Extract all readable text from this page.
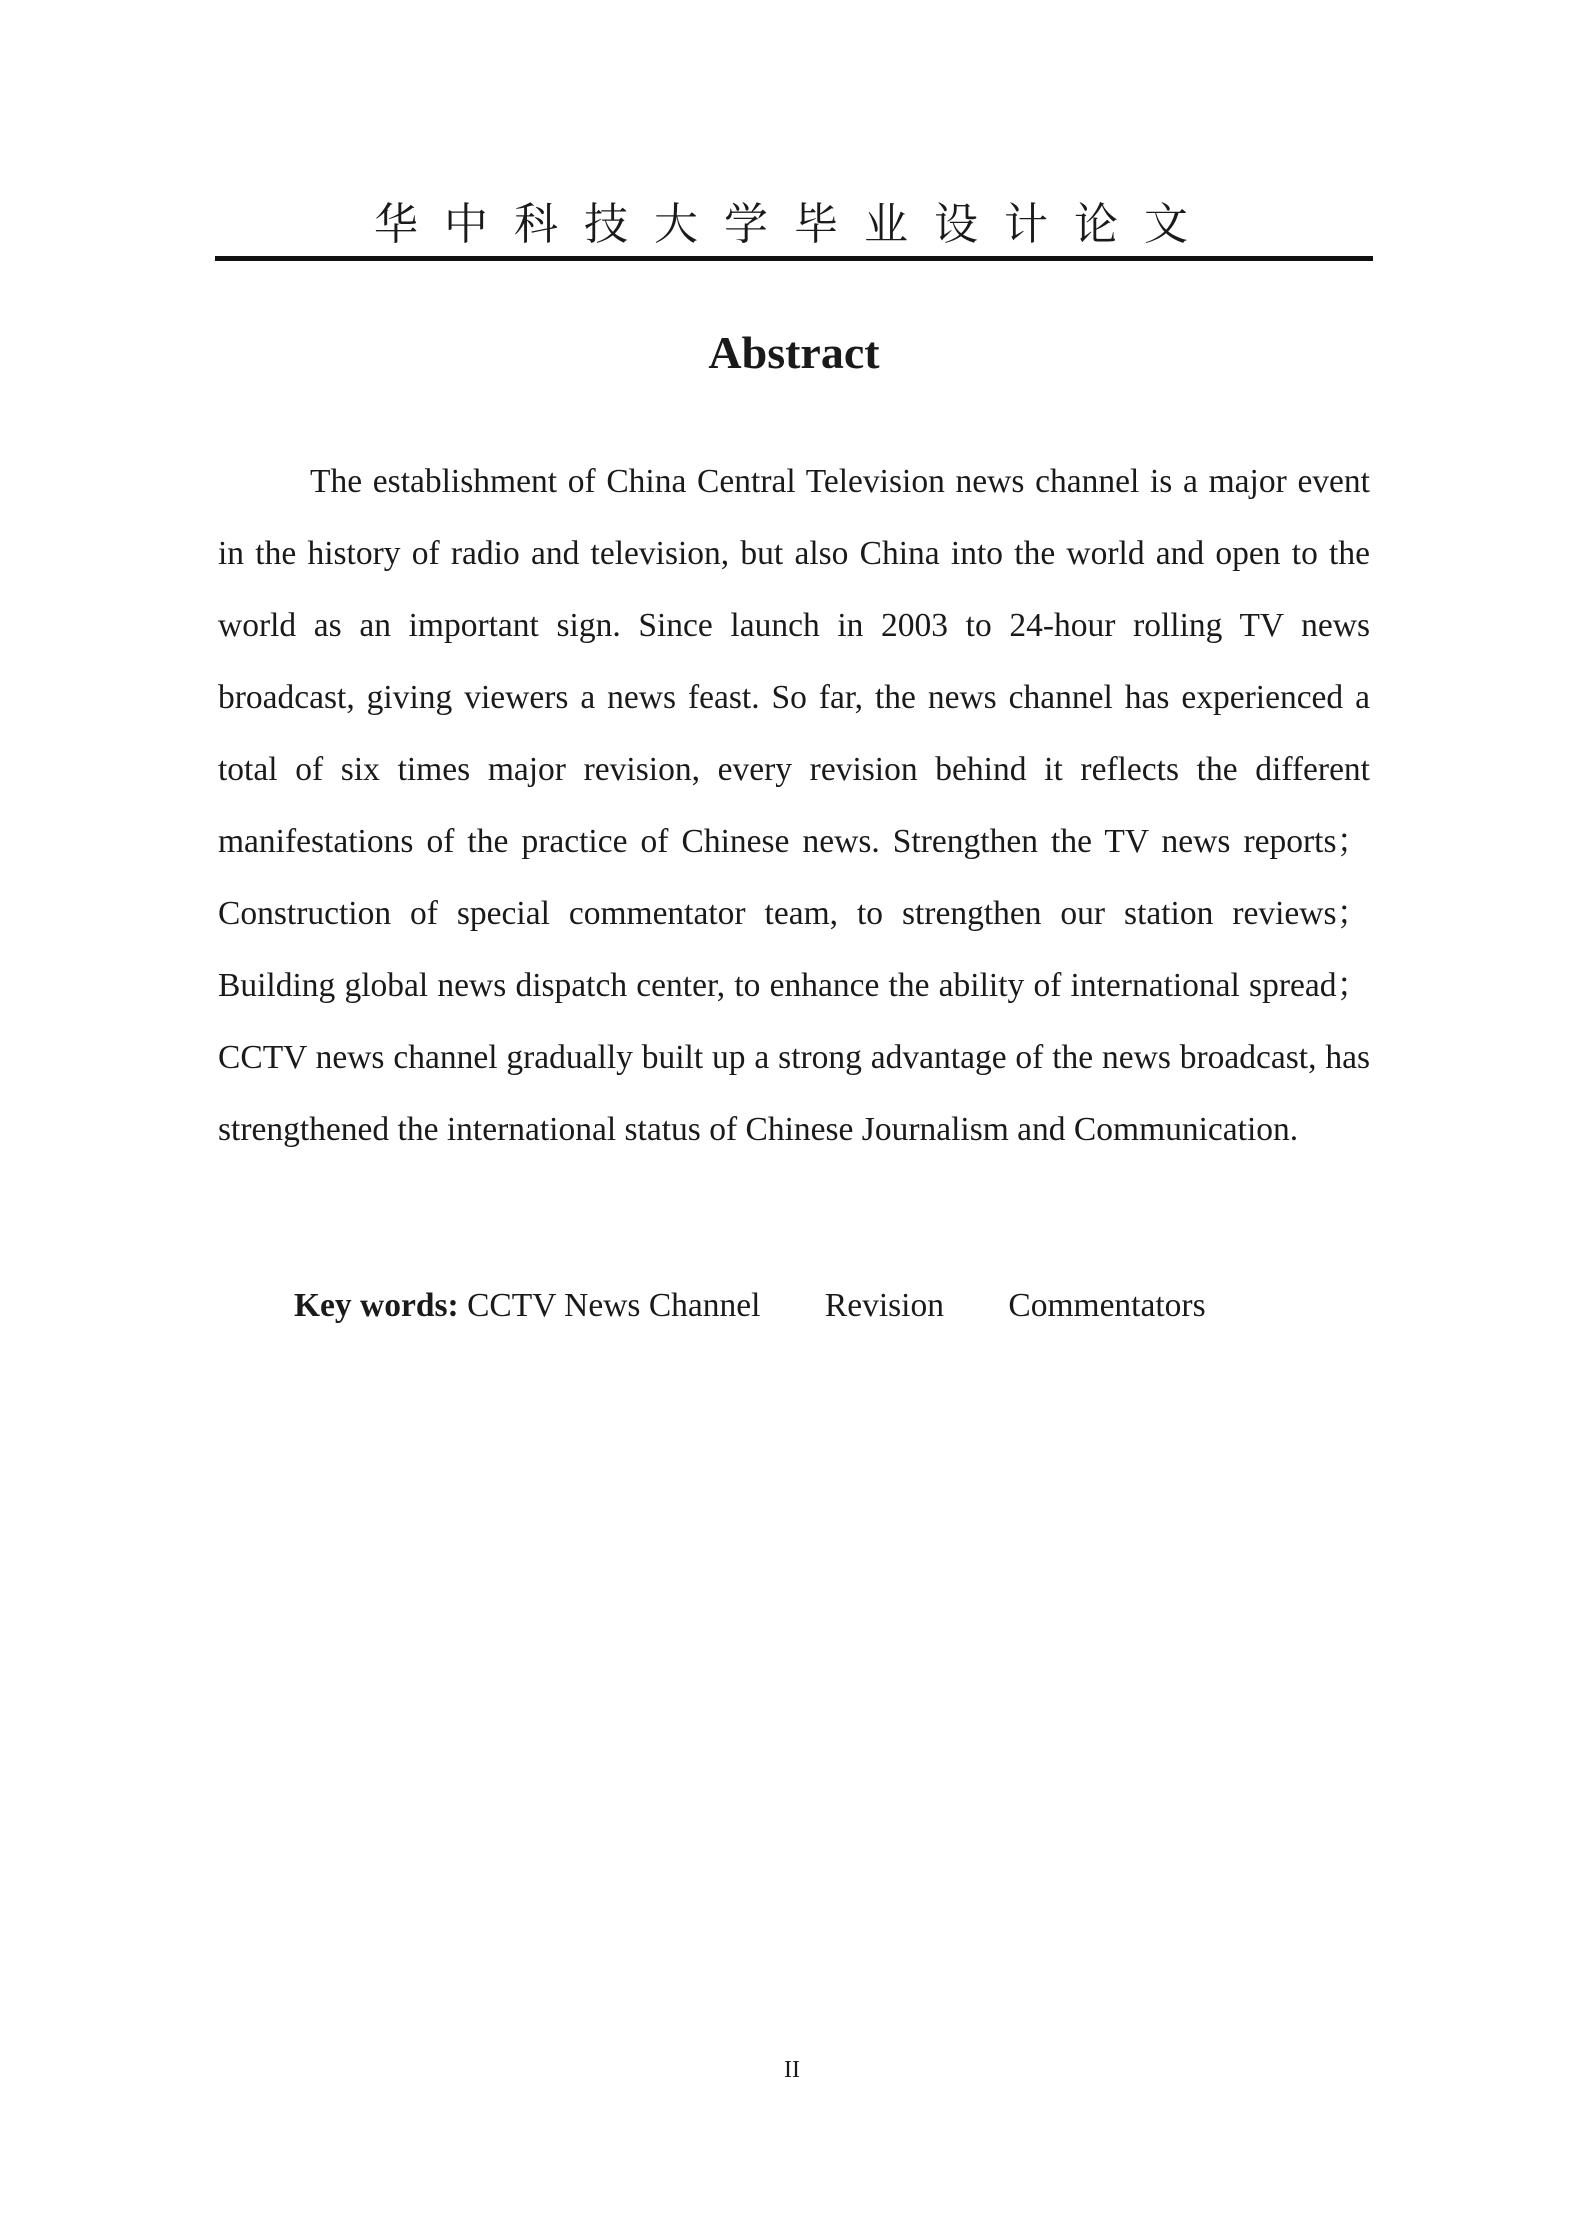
华中科技大学毕业设计论文
Abstract

The establishment of China Central Television news channel is a major event in the history of radio and television, but also China into the world and open to the world as an important sign. Since launch in 2003 to 24-hour rolling TV news broadcast, giving viewers a news feast. So far, the news channel has experienced a total of six times major revision, every revision behind it reflects the different manifestations of the practice of Chinese news. Strengthen the TV news reports；Construction of special commentator team, to strengthen our station reviews；Building global news dispatch center, to enhance the ability of international spread；CCTV news channel gradually built up a strong advantage of the news broadcast, has strengthened the international status of Chinese Journalism and Communication.

Key words: CCTV News Channel Revision Commentators
II
